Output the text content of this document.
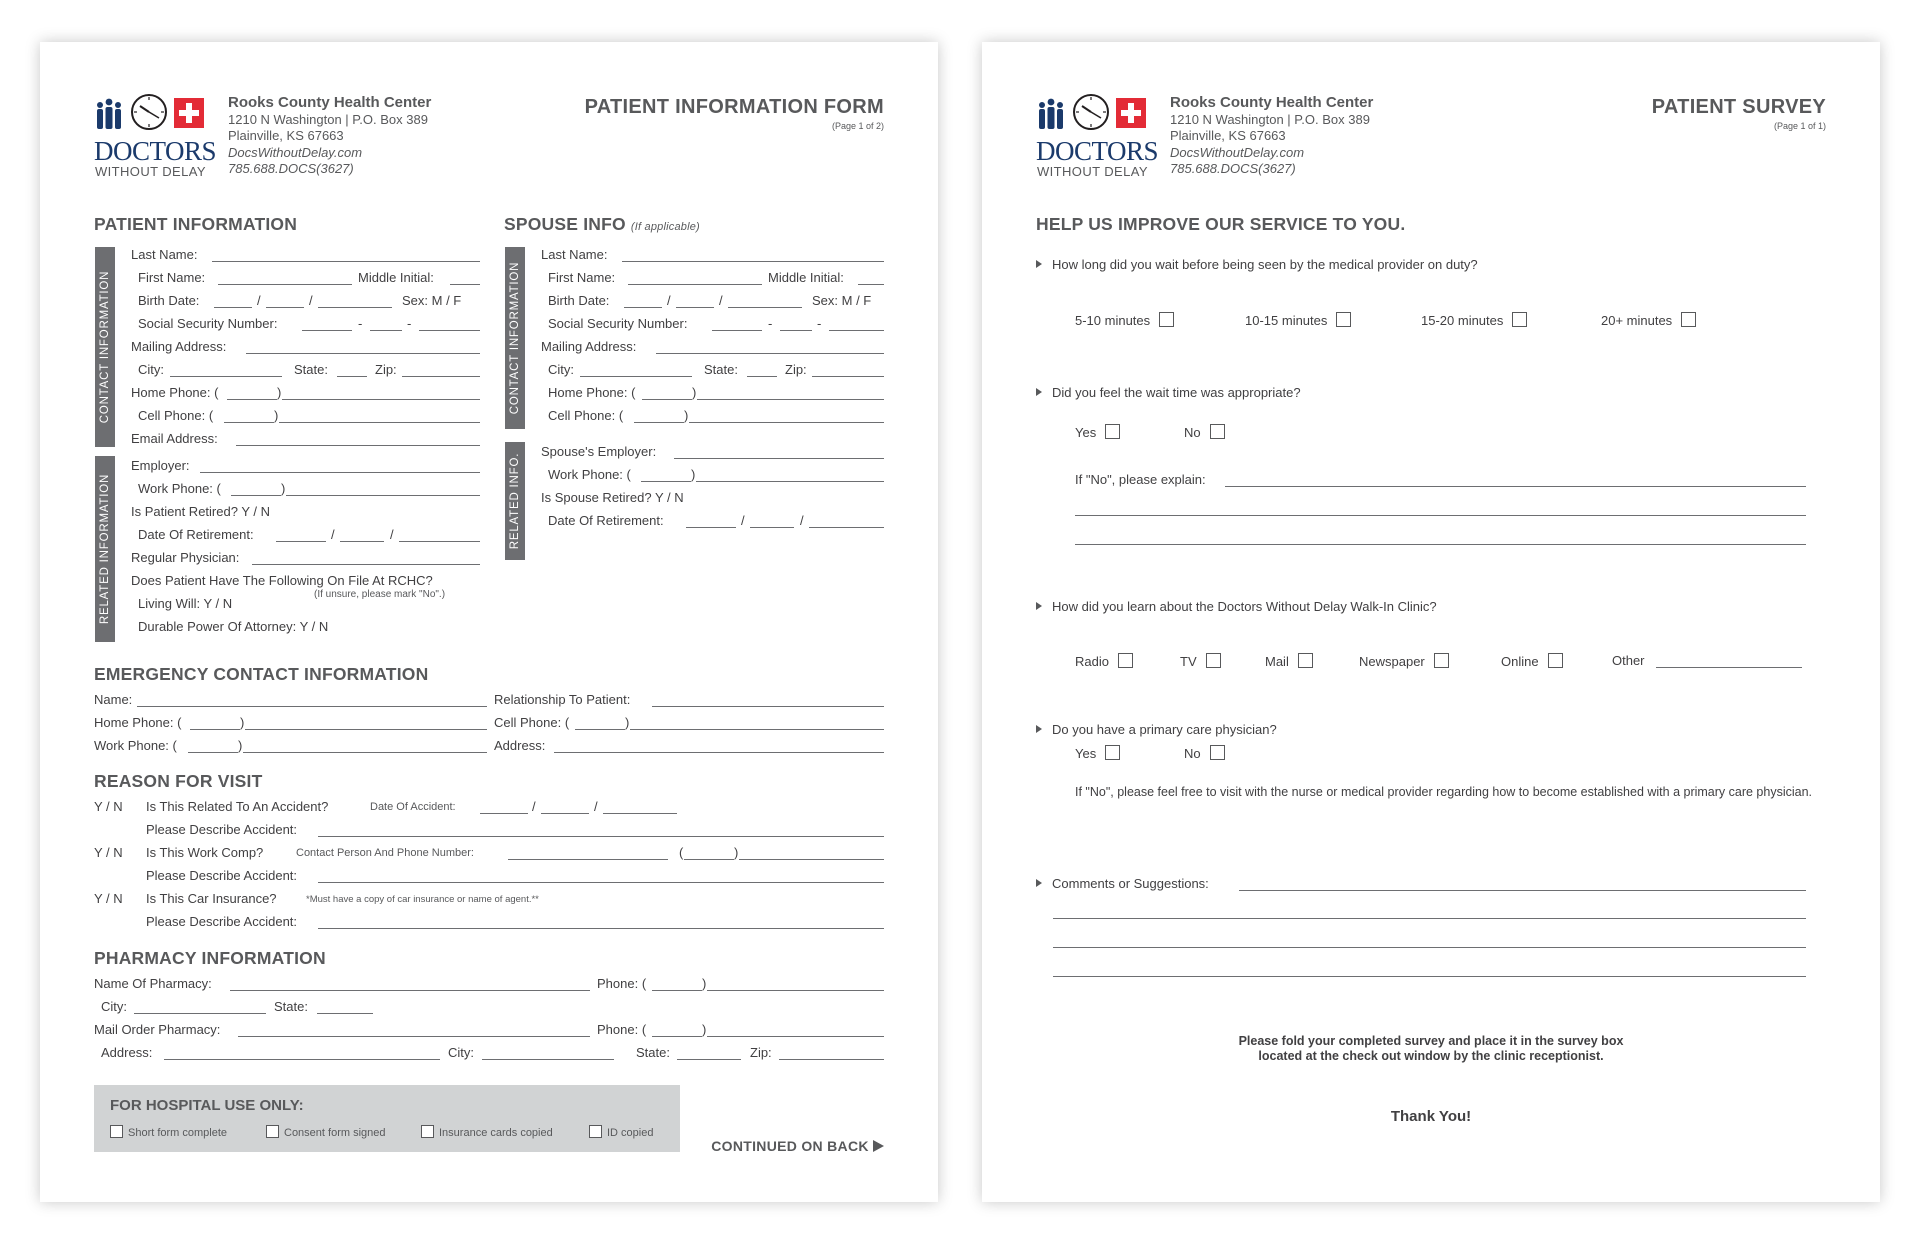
DOCTORS
WITHOUT DELAY
Rooks County Health Center
1210 N Washington | P.O. Box 389
Plainville, KS 67663
DocsWithoutDelay.com
785.688.DOCS(3627)
PATIENT INFORMATION FORM
(Page 1 of 2)
PATIENT INFORMATION
CONTACT INFORMATION
RELATED INFORMATION
Last Name:
First Name:	Middle Initial:
Birth Date:	/	/	Sex: M / F
Social Security Number:	-	-
Mailing Address:
City:	State:	Zip:
Home Phone: (	)
Cell Phone: (	)
Email Address:
Employer:
Work Phone: (	)
Is Patient Retired? Y / N
Date Of Retirement:	/	/
Regular Physician:
Does Patient Have The Following On File At RCHC?
(If unsure, please mark "No".)
Living Will: Y / N
Durable Power Of Attorney: Y / N
SPOUSE INFO (If applicable)
CONTACT INFORMATION
RELATED INFO.
Last Name:
First Name:	Middle Initial:
Birth Date:	/	/	Sex: M / F
Social Security Number:	-	-
Mailing Address:
City:	State:	Zip:
Home Phone: (	)
Cell Phone: (	)
Spouse's Employer:
Work Phone: (	)
Is Spouse Retired? Y / N
Date Of Retirement:	/	/
EMERGENCY CONTACT INFORMATION
Name:	Relationship To Patient:
Home Phone: (	)	Cell Phone: (	)
Work Phone: (	)	Address:
REASON FOR VISIT
Y / N Is This Related To An Accident?	Date Of Accident:	/	/
Please Describe Accident:
Y / N Is This Work Comp?	Contact Person And Phone Number:	(	)
Please Describe Accident:
Y / N Is This Car Insurance?	*Must have a copy of car insurance or name of agent.**
Please Describe Accident:
PHARMACY INFORMATION
Name Of Pharmacy:	Phone: (	)
City:	State:
Mail Order Pharmacy:	Phone: (	)
Address:	City:	State:	Zip:
FOR HOSPITAL USE ONLY:
Short form complete	Consent form signed	Insurance cards copied	ID copied
CONTINUED ON BACK
DOCTORS
WITHOUT DELAY
Rooks County Health Center
1210 N Washington | P.O. Box 389
Plainville, KS 67663
DocsWithoutDelay.com
785.688.DOCS(3627)
PATIENT SURVEY
(Page 1 of 1)
HELP US IMPROVE OUR SERVICE TO YOU.
How long did you wait before being seen by the medical provider on duty?
5-10 minutes	10-15 minutes	15-20 minutes	20+ minutes
Did you feel the wait time was appropriate?
Yes	No
If "No", please explain:
How did you learn about the Doctors Without Delay Walk-In Clinic?
Radio	TV	Mail	Newspaper	Online	Other
Do you have a primary care physician?
Yes	No
If "No", please feel free to visit with the nurse or medical provider regarding how to become established with a primary care physician.
Comments or Suggestions:
Please fold your completed survey and place it in the survey box
located at the check out window by the clinic receptionist.
Thank You!
